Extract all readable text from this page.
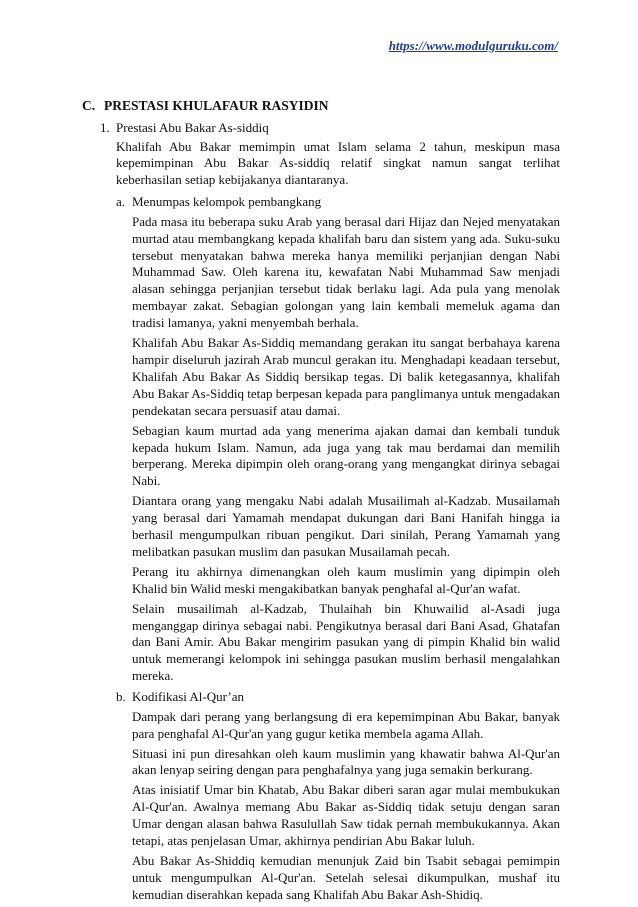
https://www.modulguruku.com/
C. PRESTASI KHULAFAUR RASYIDIN
1. Prestasi Abu Bakar As-siddiq

Khalifah Abu Bakar memimpin umat Islam selama 2 tahun, meskipun masa kepemimpinan Abu Bakar As-siddiq relatif singkat namun sangat terlihat keberhasilan setiap kebijakanya diantaranya.

a. Menumpas kelompok pembangkang

Pada masa itu beberapa suku Arab yang berasal dari Hijaz dan Nejed menyatakan murtad atau membangkang kepada khalifah baru dan sistem yang ada. Suku-suku tersebut menyatakan bahwa mereka hanya memiliki perjanjian dengan Nabi Muhammad Saw. Oleh karena itu, kewafatan Nabi Muhammad Saw menjadi alasan sehingga perjanjian tersebut tidak berlaku lagi. Ada pula yang menolak membayar zakat. Sebagian golongan yang lain kembali memeluk agama dan tradisi lamanya, yakni menyembah berhala.

Khalifah Abu Bakar As-Siddiq memandang gerakan itu sangat berbahaya karena hampir diseluruh jazirah Arab muncul gerakan itu. Menghadapi keadaan tersebut, Khalifah Abu Bakar As Siddiq bersikap tegas. Di balik ketegasannya, khalifah Abu Bakar As-Siddiq tetap berpesan kepada para panglimanya untuk mengadakan pendekatan secara persuasif atau damai.

Sebagian kaum murtad ada yang menerima ajakan damai dan kembali tunduk kepada hukum Islam. Namun, ada juga yang tak mau berdamai dan memilih berperang. Mereka dipimpin oleh orang-orang yang mengangkat dirinya sebagai Nabi.

Diantara orang yang mengaku Nabi adalah Musailimah al-Kadzab. Musailamah yang berasal dari Yamamah mendapat dukungan dari Bani Hanifah hingga ia berhasil mengumpulkan ribuan pengikut. Dari sinilah, Perang Yamamah yang melibatkan pasukan muslim dan pasukan Musailamah pecah.

Perang itu akhirnya dimenangkan oleh kaum muslimin yang dipimpin oleh Khalid bin Walid meski mengakibatkan banyak penghafal al-Qur'an wafat.

Selain musailimah al-Kadzab, Thulaihah bin Khuwailid al-Asadi juga menganggap dirinya sebagai nabi. Pengikutnya berasal dari Bani Asad, Ghatafan dan Bani Amir. Abu Bakar mengirim pasukan yang di pimpin Khalid bin walid untuk memerangi kelompok ini sehingga pasukan muslim berhasil mengalahkan mereka.

b. Kodifikasi Al-Qur’an

Dampak dari perang yang berlangsung di era kepemimpinan Abu Bakar, banyak para penghafal Al-Qur'an yang gugur ketika membela agama Allah.

Situasi ini pun diresahkan oleh kaum muslimin yang khawatir bahwa Al-Qur'an akan lenyap seiring dengan para penghafalnya yang juga semakin berkurang.

Atas inisiatif Umar bin Khatab, Abu Bakar diberi saran agar mulai membukukan Al-Qur'an. Awalnya memang Abu Bakar as-Siddiq tidak setuju dengan saran Umar dengan alasan bahwa Rasulullah Saw tidak pernah membukukannya. Akan tetapi, atas penjelasan Umar, akhirnya pendirian Abu Bakar luluh.

Abu Bakar As-Shiddiq kemudian menunjuk Zaid bin Tsabit sebagai pemimpin untuk mengumpulkan Al-Qur'an. Setelah selesai dikumpulkan, mushaf itu kemudian diserahkan kepada sang Khalifah Abu Bakar Ash-Shidiq.
